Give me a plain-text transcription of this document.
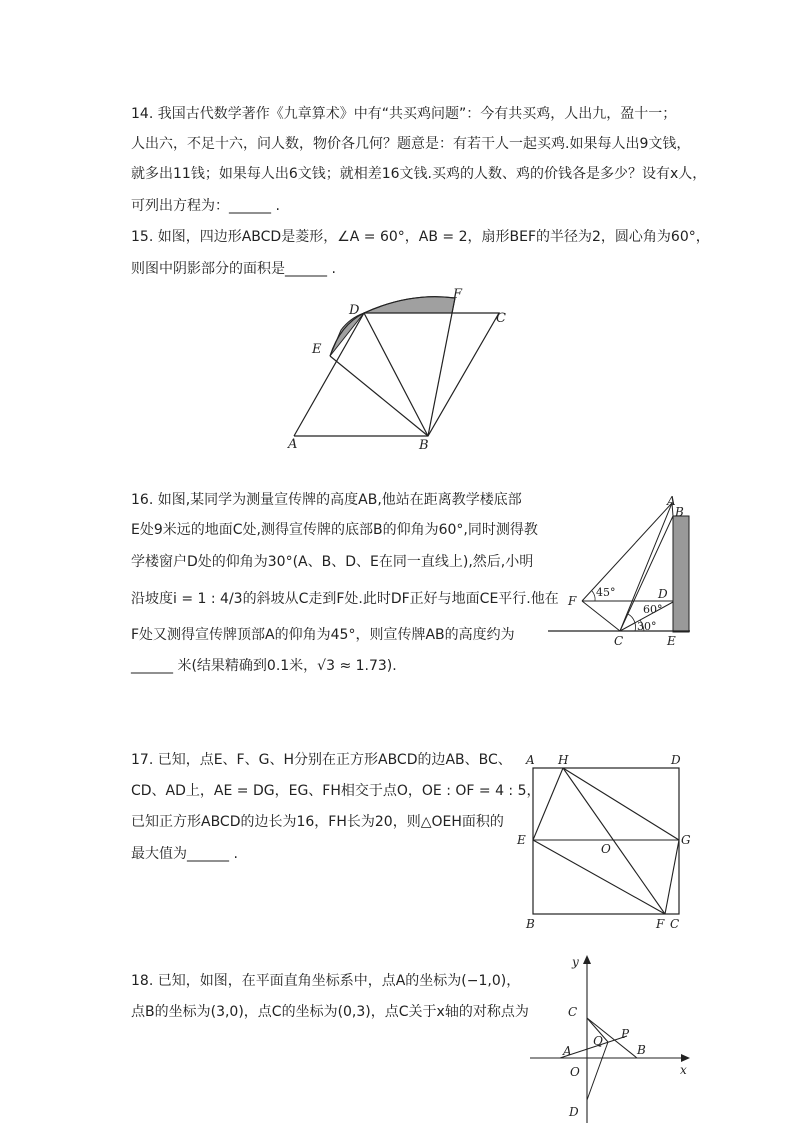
14. 我国古代数学著作《九章算术》中有“共买鸡问题”：今有共买鸡，人出九，盈十一；
人出六，不足十六，问人数，物价各几何？题意是：有若干人一起买鸡.如果每人出9文钱，
就多出11钱；如果每人出6文钱；就相差16文钱.买鸡的人数、鸡的价钱各是多少？设有x人，
可列出方程为：______ .
15. 如图，四边形ABCD是菱形，∠A = 60°，AB = 2，扇形BEF的半径为2，圆心角为60°，
则图中阴影部分的面积是______ .
A	B
C
D
E
F
16. 如图,某同学为测量宣传牌的高度AB,他站在距离教学楼底部
E处9米远的地面C处,测得宣传牌的底部B的仰角为60°,同时测得教
学楼窗户D处的仰角为30°(A、B、D、E在同一直线上),然后,小明
沿坡度i = 1 : 4/3的斜坡从C走到F处.此时DF正好与地面CE平行.他在
F处又测得宣传牌顶部A的仰角为45°，则宣传牌AB的高度约为
______ 米(结果精确到0.1米，√3 ≈ 1.73).
45°
60°
30°
A
B
C
D
E
F
17. 已知，点E、F、G、H分别在正方形ABCD的边AB、BC、
CD、AD上，AE = DG，EG、FH相交于点O，OE : OF = 4 : 5，
已知正方形ABCD的边长为16，FH长为20，则△OEH面积的
最大值为______ .
A H	D
E
O
G
B	F C
18. 已知，如图，在平面直角坐标系中，点A的坐标为(−1,0)，
点B的坐标为(3,0)，点C的坐标为(0,3)，点C关于x轴的对称点为
y
x
C
P
Q
A	B
O
D
